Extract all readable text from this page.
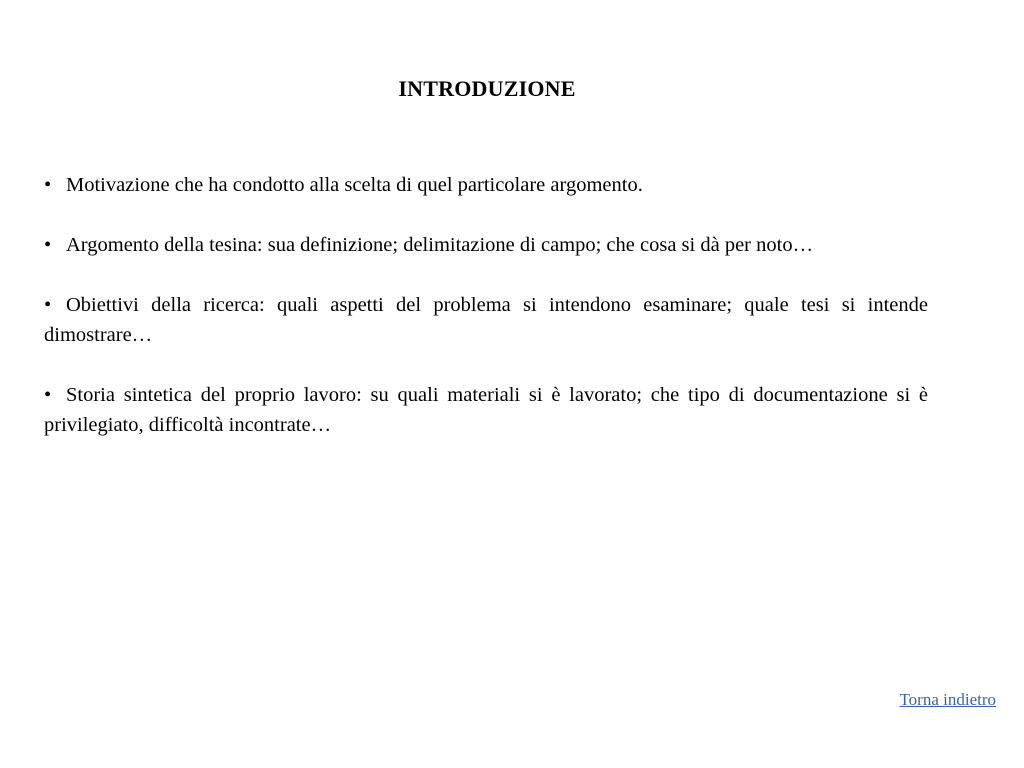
INTRODUZIONE

• Motivazione che ha condotto alla scelta di quel particolare argomento.

• Argomento della tesina: sua definizione; delimitazione di campo; che cosa si dà per noto…

• Obiettivi della ricerca: quali aspetti del problema si intendono esaminare; quale tesi si intende dimostrare…

• Storia sintetica del proprio lavoro: su quali materiali si è lavorato; che tipo di documentazione si è privilegiato, difficoltà incontrate…

Torna indietro
